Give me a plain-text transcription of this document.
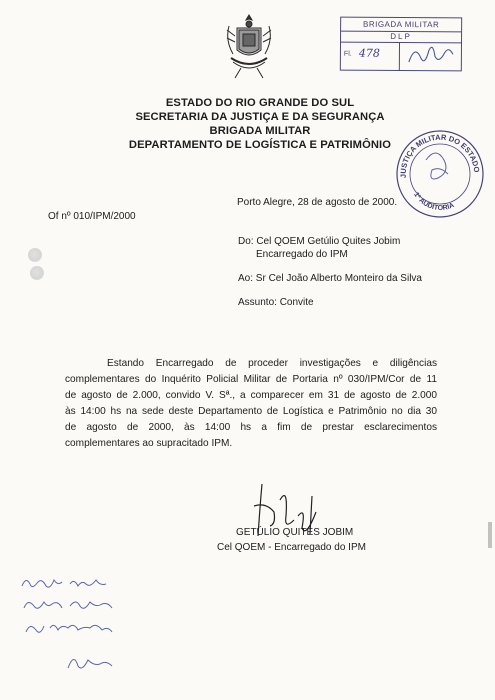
BRIGADA MILITAR
DLP
Fl. 478
ESTADO DO RIO GRANDE DO SUL
SECRETARIA DA JUSTIÇA E DA SEGURANÇA
BRIGADA MILITAR
DEPARTAMENTO DE LOGÍSTICA E PATRIMÔNIO
JUSTIÇA MILITAR DO ESTADO
1ª AUDITORIA
Porto Alegre, 28 de agosto de 2000.
Of nº 010/IPM/2000
Do: Cel QOEM Getúlio Quites Jobim
Encarregado do IPM
Ao: Sr Cel João Alberto Monteiro da Silva
Assunto: Convite
Estando Encarregado de proceder investigações e diligências
complementares do Inquérito Policial Militar de Portaria nº 030/IPM/Cor de 11
de agosto de 2.000, convido V. Sª., a comparecer em 31 de agosto de 2.000
às 14:00 hs na sede deste Departamento de Logística e Patrimônio no dia 30
de agosto de 2000, às 14:00 hs a fim de prestar esclarecimentos
complementares ao supracitado IPM.
GETÚLIO QUITES JOBIM
Cel QOEM - Encarregado do IPM
